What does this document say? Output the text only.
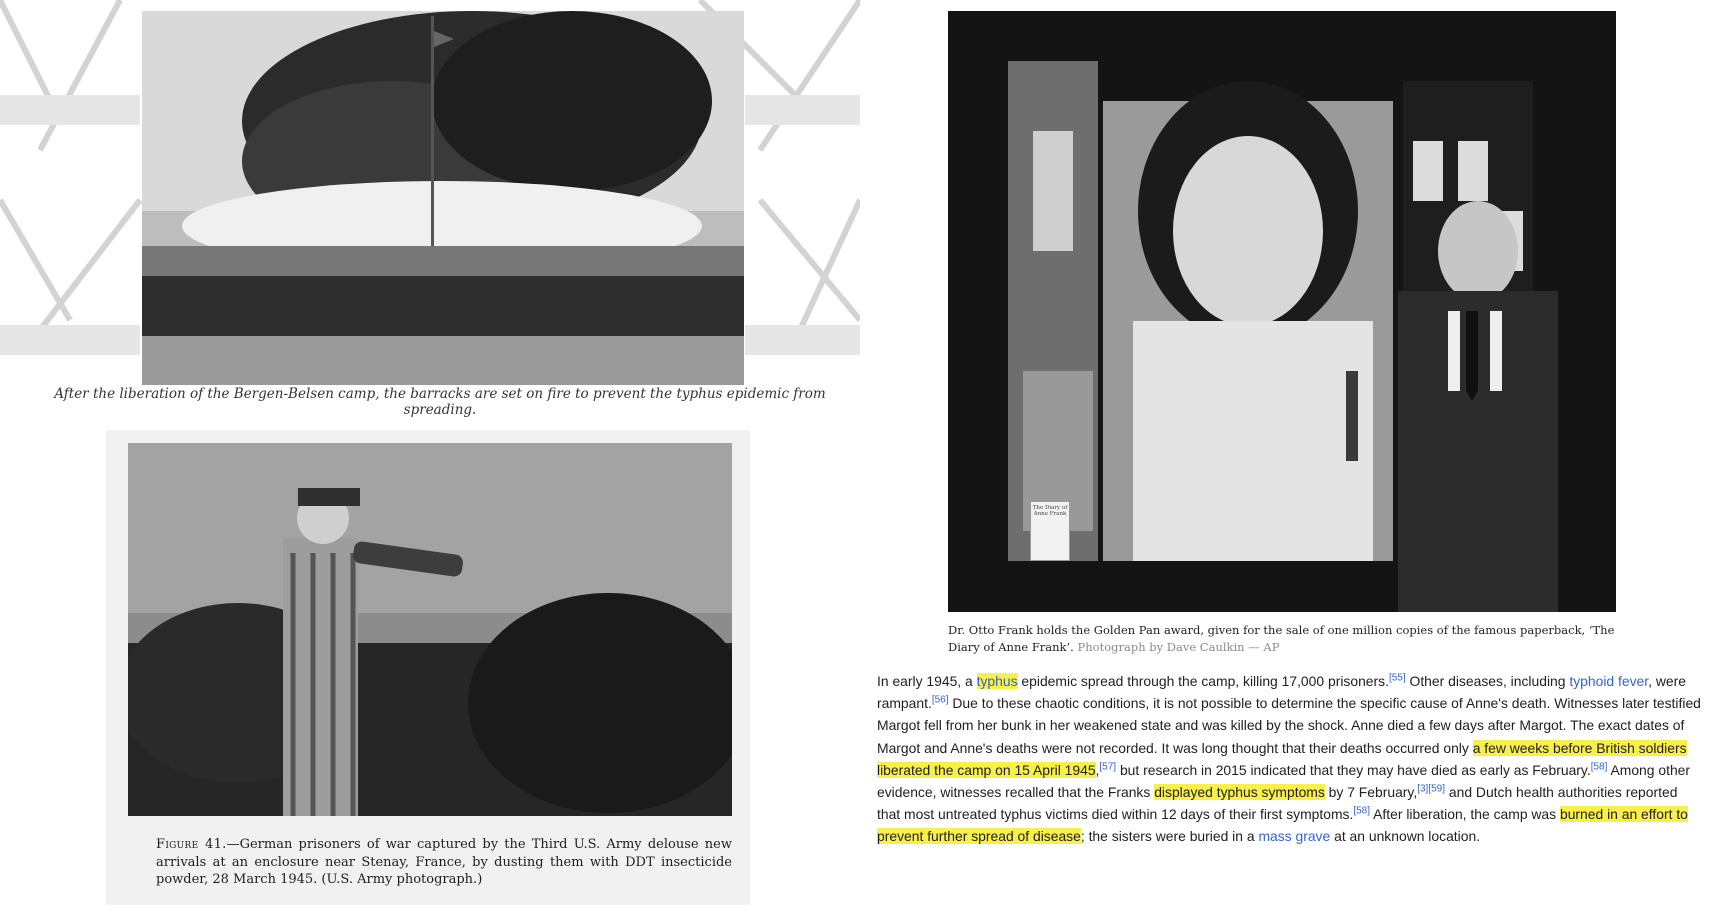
After the liberation of the Bergen-Belsen camp, the barracks are set on fire to prevent the typhus epidemic from spreading.
Figure 41.—German prisoners of war captured by the Third U.S. Army delouse new arrivals at an enclosure near Stenay, France, by dusting them with DDT insecticide powder, 28 March 1945. (U.S. Army photograph.)
The Diary of Anne Frank
Dr. Otto Frank holds the Golden Pan award, given for the sale of one million copies of the famous paperback, ‘The Diary of Anne Frank’. Photograph by Dave Caulkin — AP
In early 1945, a typhus epidemic spread through the camp, killing 17,000 prisoners.[55] Other diseases, including typhoid fever, were rampant.[56] Due to these chaotic conditions, it is not possible to determine the specific cause of Anne's death. Witnesses later testified Margot fell from her bunk in her weakened state and was killed by the shock. Anne died a few days after Margot. The exact dates of Margot and Anne's deaths were not recorded. It was long thought that their deaths occurred only a few weeks before British soldiers liberated the camp on 15 April 1945,[57] but research in 2015 indicated that they may have died as early as February.[58] Among other evidence, witnesses recalled that the Franks displayed typhus symptoms by 7 February,[3][59] and Dutch health authorities reported that most untreated typhus victims died within 12 days of their first symptoms.[58] After liberation, the camp was burned in an effort to prevent further spread of disease; the sisters were buried in a mass grave at an unknown location.
